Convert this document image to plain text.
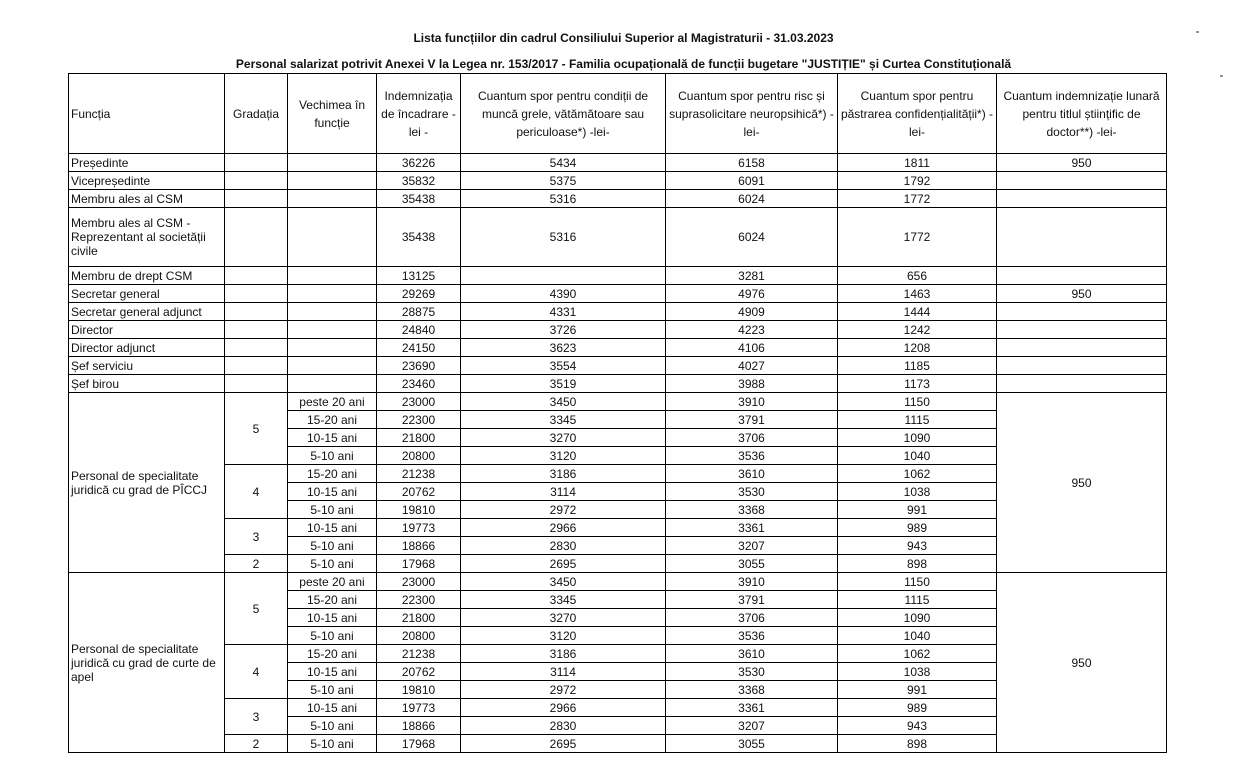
Lista funcțiilor din cadrul Consiliului Superior al Magistraturii - 31.03.2023
Personal salarizat potrivit Anexei V la Legea nr. 153/2017 - Familia ocupațională de funcții bugetare "JUSTIȚIE" și Curtea Constituțională
Funcția	Gradația	Vechimea în funcție	Indemnizația de încadrare - lei -	Cuantum spor pentru condiții de muncă grele, vătămătoare sau periculoase*) -lei-	Cuantum spor pentru risc și suprasolicitare neuropsihică*) -lei-	Cuantum spor pentru păstrarea confidențialității*) - lei-	Cuantum indemnizație lunară pentru titlul științific de doctor**) -lei-
Președinte			36226	5434	6158	1811	950
Vicepreședinte			35832	5375	6091	1792	
Membru ales al CSM			35438	5316	6024	1772	
Membru ales al CSM - Reprezentant al societății civile			35438	5316	6024	1772	
Membru de drept CSM			13125		3281	656	
Secretar general			29269	4390	4976	1463	950
Secretar general adjunct			28875	4331	4909	1444	
Director			24840	3726	4223	1242	
Director adjunct			24150	3623	4106	1208	
Șef serviciu			23690	3554	4027	1185	
Șef birou			23460	3519	3988	1173	
Personal de specialitate juridică cu grad de PÎCCJ	5	peste 20 ani	23000	3450	3910	1150	950
		15-20 ani	22300	3345	3791	1115	
		10-15 ani	21800	3270	3706	1090	
		5-10 ani	20800	3120	3536	1040	
	4	15-20 ani	21238	3186	3610	1062	
		10-15 ani	20762	3114	3530	1038	
		5-10 ani	19810	2972	3368	991	
	3	10-15 ani	19773	2966	3361	989	
		5-10 ani	18866	2830	3207	943	
	2	5-10 ani	17968	2695	3055	898	
Personal de specialitate juridică cu grad de curte de apel	5	peste 20 ani	23000	3450	3910	1150	950
		15-20 ani	22300	3345	3791	1115	
		10-15 ani	21800	3270	3706	1090	
		5-10 ani	20800	3120	3536	1040	
	4	15-20 ani	21238	3186	3610	1062	
		10-15 ani	20762	3114	3530	1038	
		5-10 ani	19810	2972	3368	991	
	3	10-15 ani	19773	2966	3361	989	
		5-10 ani	18866	2830	3207	943	
	2	5-10 ani	17968	2695	3055	898	
